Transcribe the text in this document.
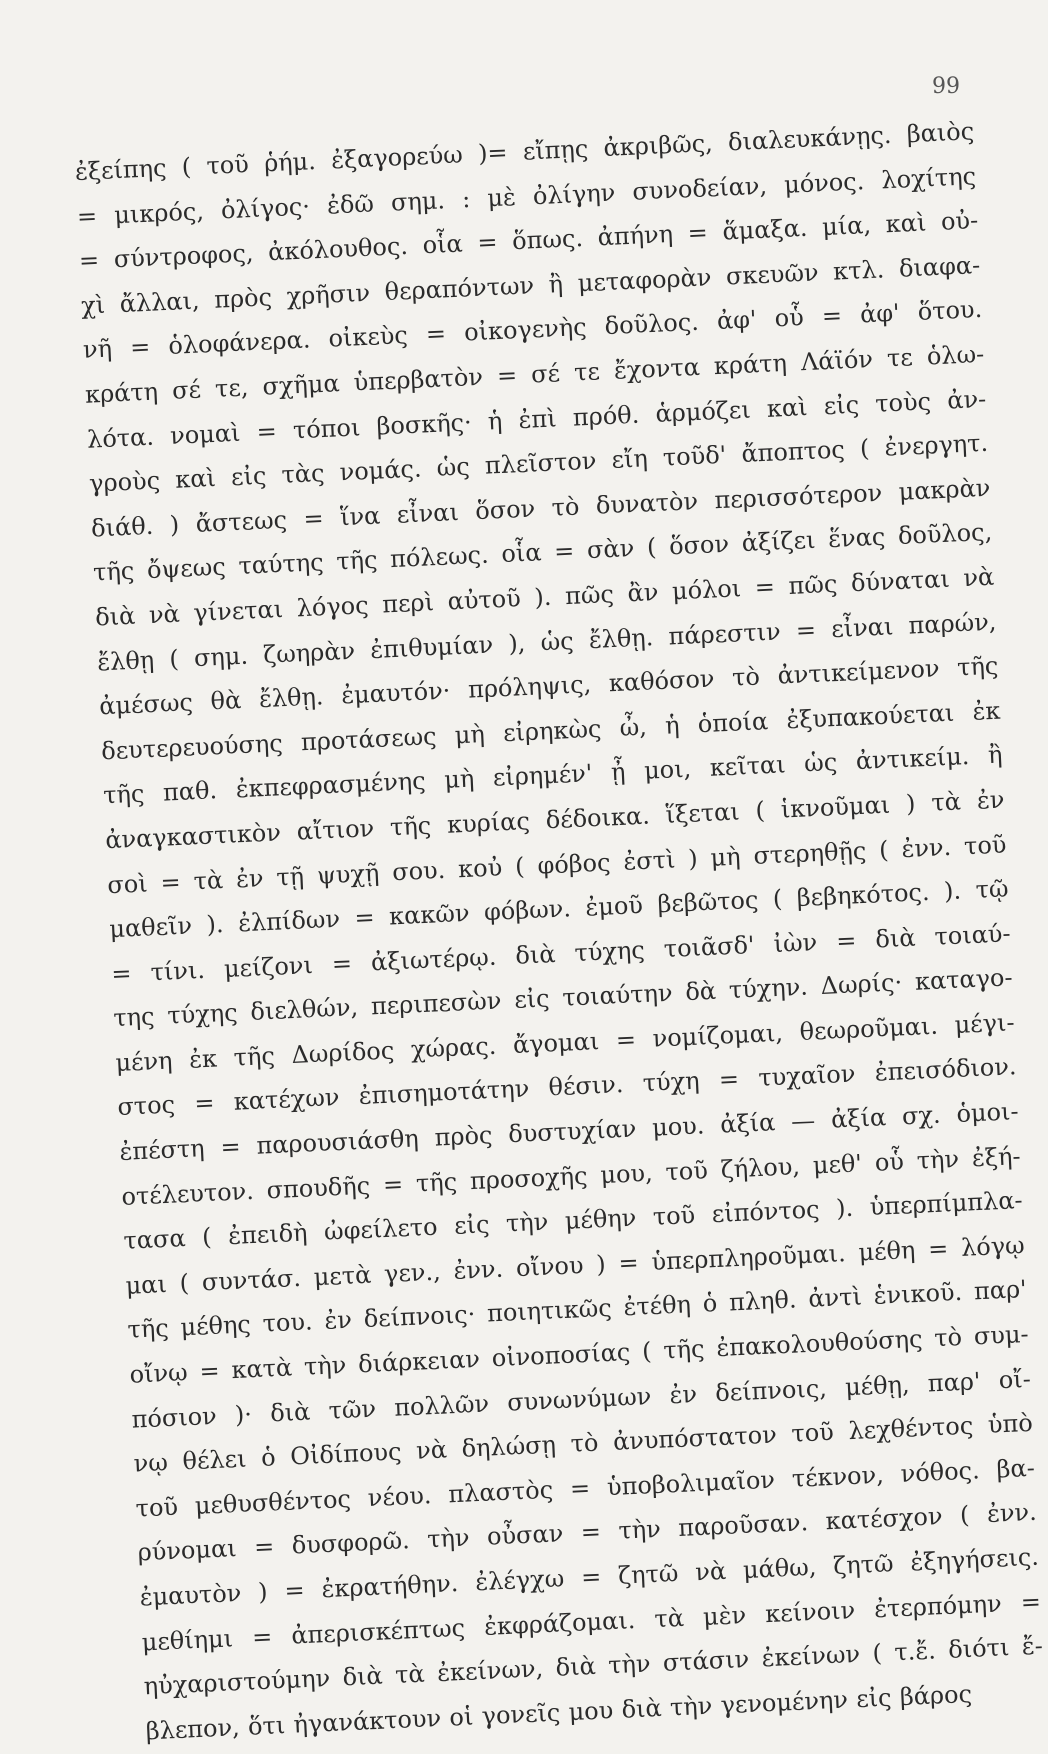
99
ἐξείπης ( τοῦ ῥήμ. ἐξαγορεύω )= εἴπῃς ἀκριβῶς, διαλευκάνῃς. βαιὸς
= μικρός, ὀλίγος· ἐδῶ σημ. : μὲ ὀλίγην συνοδείαν, μόνος. λοχίτης
= σύντροφος, ἀκόλουθος. οἷα = ὅπως. ἀπήνη = ἅμαξα. μία, καὶ οὐ-
χὶ ἄλλαι, πρὸς χρῆσιν θεραπόντων ἢ μεταφορὰν σκευῶν κτλ. διαφα-
νῆ = ὁλοφάνερα. οἰκεὺς = οἰκογενὴς δοῦλος. ἀφ' οὗ = ἀφ' ὅτου.
κράτη σέ τε, σχῆμα ὑπερβατὸν = σέ τε ἔχοντα κράτη Λάϊόν τε ὁλω-
λότα. νομαὶ = τόποι βοσκῆς· ἡ ἐπὶ πρόθ. ἁρμόζει καὶ εἰς τοὺς ἀν-
γροὺς καὶ εἰς τὰς νομάς. ὡς πλεῖστον εἴη τοῦδ' ἄποπτος ( ἐνεργητ.
διάθ. ) ἄστεως = ἵνα εἶναι ὅσον τὸ δυνατὸν περισσότερον μακρὰν
τῆς ὄψεως ταύτης τῆς πόλεως. οἷα = σὰν ( ὅσον ἀξίζει ἕνας δοῦλος,
διὰ νὰ γίνεται λόγος περὶ αὐτοῦ ). πῶς ἂν μόλοι = πῶς δύναται νὰ
ἔλθῃ ( σημ. ζωηρὰν ἐπιθυμίαν ), ὡς ἔλθῃ. πάρεστιν = εἶναι παρών,
ἀμέσως θὰ ἔλθῃ. ἐμαυτόν· πρόληψις, καθόσον τὸ ἀντικείμενον τῆς
δευτερευούσης προτάσεως μὴ εἰρηκὼς ὦ, ἡ ὁποία ἐξυπακούεται ἐκ
τῆς παθ. ἐκπεφρασμένης μὴ εἰρημέν' ᾖ μοι, κεῖται ὡς ἀντικείμ. ἢ
ἀναγκαστικὸν αἴτιον τῆς κυρίας δέδοικα. ἵξεται ( ἱκνοῦμαι ) τὰ ἐν
σοὶ = τὰ ἐν τῇ ψυχῇ σου. κοὐ ( φόβος ἐστὶ ) μὴ στερηθῇς ( ἐνν. τοῦ
μαθεῖν ). ἐλπίδων = κακῶν φόβων. ἐμοῦ βεβῶτος ( βεβηκότος. ). τῷ
= τίνι. μείζονι = ἀξιωτέρῳ. διὰ τύχης τοιᾶσδ' ἰὼν = διὰ τοιαύ-
της τύχης διελθών, περιπεσὼν εἰς τοιαύτην δὰ τύχην. Δωρίς· καταγο-
μένη ἐκ τῆς Δωρίδος χώρας. ἄγομαι = νομίζομαι, θεωροῦμαι. μέγι-
στος = κατέχων ἐπισημοτάτην θέσιν. τύχη = τυχαῖον ἐπεισόδιον.
ἐπέστη = παρουσιάσθη πρὸς δυστυχίαν μου. ἀξία — ἀξία σχ. ὁμοι-
οτέλευτον. σπουδῆς = τῆς προσοχῆς μου, τοῦ ζήλου, μεθ' οὗ τὴν ἐξή-
τασα ( ἐπειδὴ ὠφείλετο εἰς τὴν μέθην τοῦ εἰπόντος ). ὑπερπίμπλα-
μαι ( συντάσ. μετὰ γεν., ἐνν. οἴνου ) = ὑπερπληροῦμαι. μέθη = λόγῳ
τῆς μέθης του. ἐν δείπνοις· ποιητικῶς ἐτέθη ὁ πληθ. ἀντὶ ἑνικοῦ. παρ'
οἴνῳ = κατὰ τὴν διάρκειαν οἰνοποσίας ( τῆς ἐπακολουθούσης τὸ συμ-
πόσιον )· διὰ τῶν πολλῶν συνωνύμων ἐν δείπνοις, μέθῃ, παρ' οἴ-
νῳ θέλει ὁ Οἰδίπους νὰ δηλώσῃ τὸ ἀνυπόστατον τοῦ λεχθέντος ὑπὸ
τοῦ μεθυσθέντος νέου. πλαστὸς = ὑποβολιμαῖον τέκνον, νόθος. βα-
ρύνομαι = δυσφορῶ. τὴν οὖσαν = τὴν παροῦσαν. κατέσχον ( ἐνν.
ἐμαυτὸν ) = ἐκρατήθην. ἐλέγχω = ζητῶ νὰ μάθω, ζητῶ ἐξηγήσεις.
μεθίημι = ἀπερισκέπτως ἐκφράζομαι. τὰ μὲν κείνοιν ἐτερπόμην =
ηὐχαριστούμην διὰ τὰ ἐκείνων, διὰ τὴν στάσιν ἐκείνων ( τ.ἔ. διότι ἔ-
βλεπον, ὅτι ἠγανάκτουν οἱ γονεῖς μου διὰ τὴν γενομένην εἰς βάρος
